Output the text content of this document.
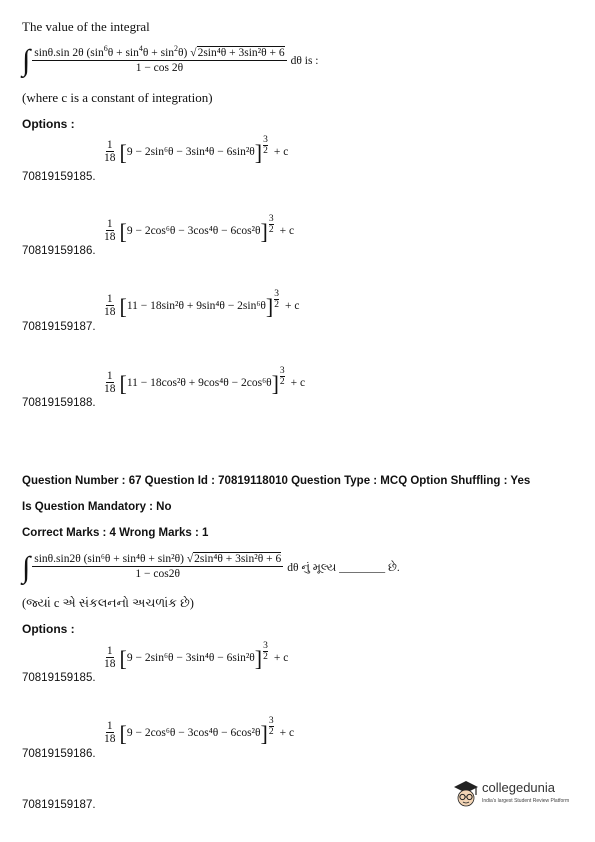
The value of the integral
∫ sinθ.sin 2θ $(\sin^6\theta + \sin^4\theta + \sin^2\theta) √2\sin^4\theta + 3\sin^2\theta + 6$
1 − cos 2θ
dθ is :
(where c is a constant of integration)
Options :
$\frac{1}{18}$ [ 9 − 2sin⁶θ − 3sin⁴θ − 6sin²θ ] 3
2 + c
70819159185.
$\frac{1}{18}$ [ 9 − 2cos⁶θ − 3cos⁴θ − 6cos²θ ] 3
2 + c
70819159186.
$\frac{1}{18}$ [ 11 − 18sin²θ + 9sin⁴θ − 2sin⁶θ ] 3
2 + c
70819159187.
$\frac{1}{18}$ [ 11 − 18cos²θ + 9cos⁴θ − 2cos⁶θ ] 3
2 + c
70819159188.
Question Number : 67 Question Id : 70819118010 Question Type : MCQ Option Shuffling : Yes
Is Question Mandatory : No
Correct Marks : 4 Wrong Marks : 1
∫ sinθ.sin2θ (sin⁶θ + sin⁴θ + sin²θ) √2sin⁴θ + 3sin²θ + 6
1 − cos2θ	dθ નું મૂલ્ય ________ છે.
(જ્યાં c એ સંકલનનો અચળાંક છે)
Options :
$\frac{1}{18}$ [ 9 − 2sin⁶θ − 3sin⁴θ − 6sin²θ ] 3
2 + c
70819159185.
$\frac{1}{18}$ [ 9 − 2cos⁶θ − 3cos⁴θ − 6cos²θ ] 3
2 + c
70819159186.
70819159187.
collegedunia
India's largest Student Review Platform
